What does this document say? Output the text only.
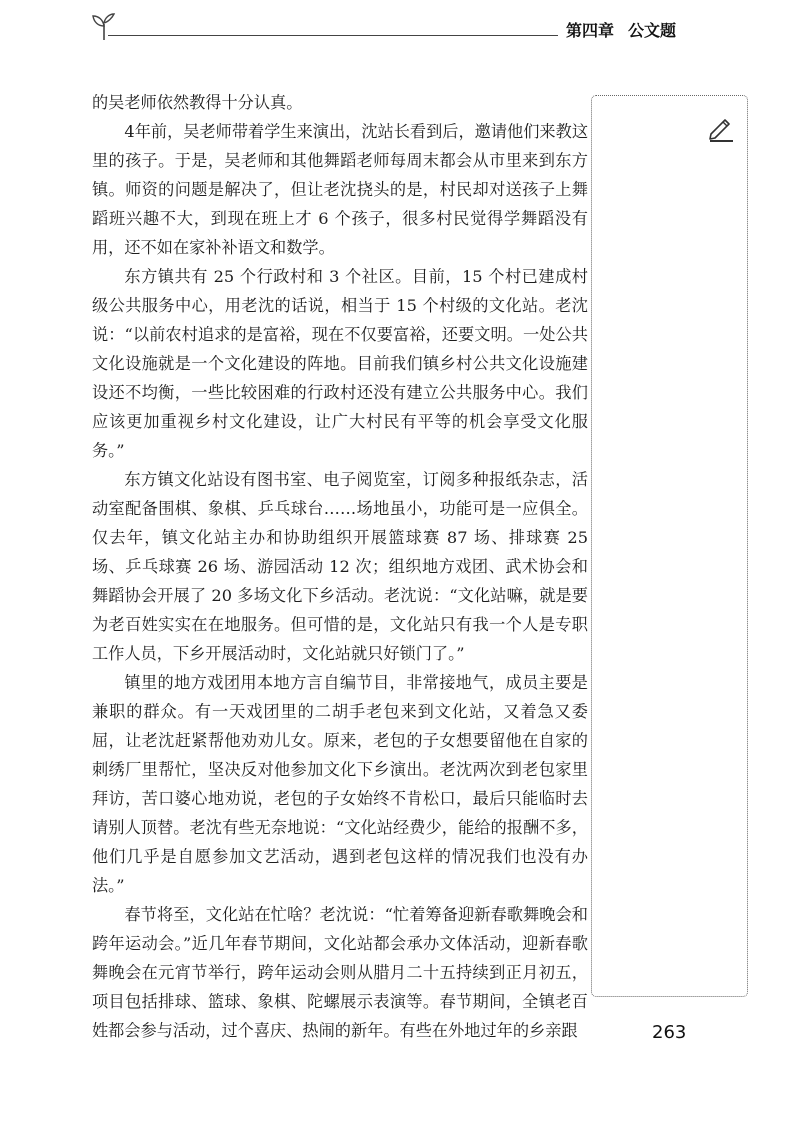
第四章 公文题

的吴老师依然教得十分认真。

4年前，吴老师带着学生来演出，沈站长看到后，邀请他们来教这里的孩子。于是，吴老师和其他舞蹈老师每周末都会从市里来到东方镇。师资的问题是解决了，但让老沈挠头的是，村民却对送孩子上舞蹈班兴趣不大，到现在班上才 6 个孩子，很多村民觉得学舞蹈没有用，还不如在家补补语文和数学。

东方镇共有 25 个行政村和 3 个社区。目前，15 个村已建成村级公共服务中心，用老沈的话说，相当于 15 个村级的文化站。老沈说：“以前农村追求的是富裕，现在不仅要富裕，还要文明。一处公共文化设施就是一个文化建设的阵地。目前我们镇乡村公共文化设施建设还不均衡，一些比较困难的行政村还没有建立公共服务中心。我们应该更加重视乡村文化建设，让广大村民有平等的机会享受文化服务。”

东方镇文化站设有图书室、电子阅览室，订阅多种报纸杂志，活动室配备围棋、象棋、乒乓球台……场地虽小，功能可是一应俱全。仅去年，镇文化站主办和协助组织开展篮球赛 87 场、排球赛 25 场、乒乓球赛 26 场、游园活动 12 次；组织地方戏团、武术协会和舞蹈协会开展了 20 多场文化下乡活动。老沈说：“文化站嘛，就是要为老百姓实实在在地服务。但可惜的是，文化站只有我一个人是专职工作人员，下乡开展活动时，文化站就只好锁门了。”

镇里的地方戏团用本地方言自编节目，非常接地气，成员主要是兼职的群众。有一天戏团里的二胡手老包来到文化站，又着急又委屈，让老沈赶紧帮他劝劝儿女。原来，老包的子女想要留他在自家的刺绣厂里帮忙，坚决反对他参加文化下乡演出。老沈两次到老包家里拜访，苦口婆心地劝说，老包的子女始终不肯松口，最后只能临时去请别人顶替。老沈有些无奈地说：“文化站经费少，能给的报酬不多，他们几乎是自愿参加文艺活动，遇到老包这样的情况我们也没有办法。”

春节将至，文化站在忙啥？老沈说：“忙着筹备迎新春歌舞晚会和跨年运动会。”近几年春节期间，文化站都会承办文体活动，迎新春歌舞晚会在元宵节举行，跨年运动会则从腊月二十五持续到正月初五，项目包括排球、篮球、象棋、陀螺展示表演等。春节期间，全镇老百姓都会参与活动，过个喜庆、热闹的新年。有些在外地过年的乡亲跟	263
